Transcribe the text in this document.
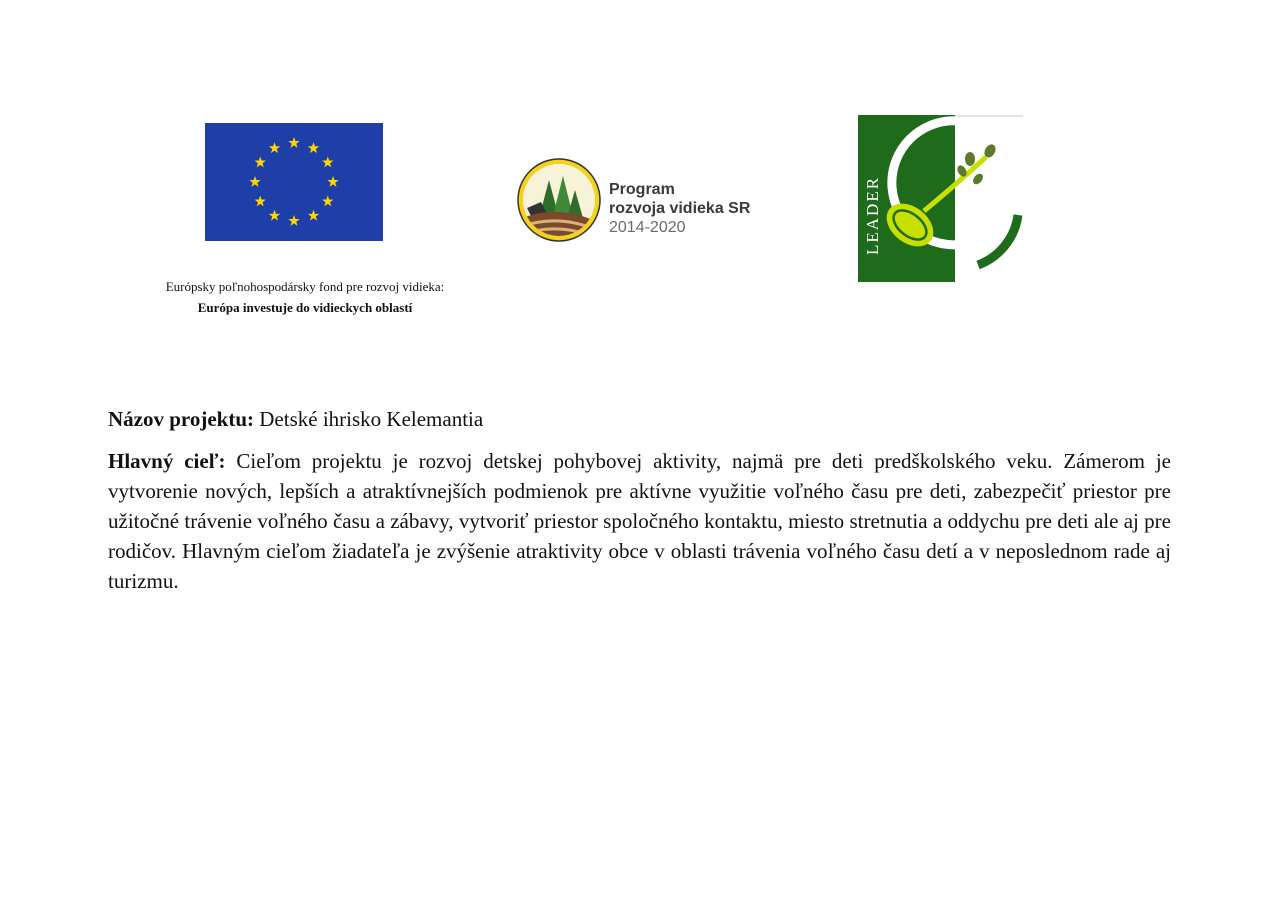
Európsky poľnohospodársky fond pre rozvoj vidieka:
Európa investuje do vidieckych oblastí
Program
rozvoja vidieka SR
2014-2020	LEADER

Názov projektu: Detské ihrisko Kelemantia

Hlavný cieľ: Cieľom projektu je rozvoj detskej pohybovej aktivity, najmä pre deti predškolského veku. Zámerom je vytvorenie nových, lepších a atraktívnejších podmienok pre aktívne využitie voľného času pre deti, zabezpečiť priestor pre užitočné trávenie voľného času a zábavy, vytvoriť priestor spoločného kontaktu, miesto stretnutia a oddychu pre deti ale aj pre rodičov. Hlavným cieľom žiadateľa je zvýšenie atraktivity obce v oblasti trávenia voľného času detí a v neposlednom rade aj turizmu.
